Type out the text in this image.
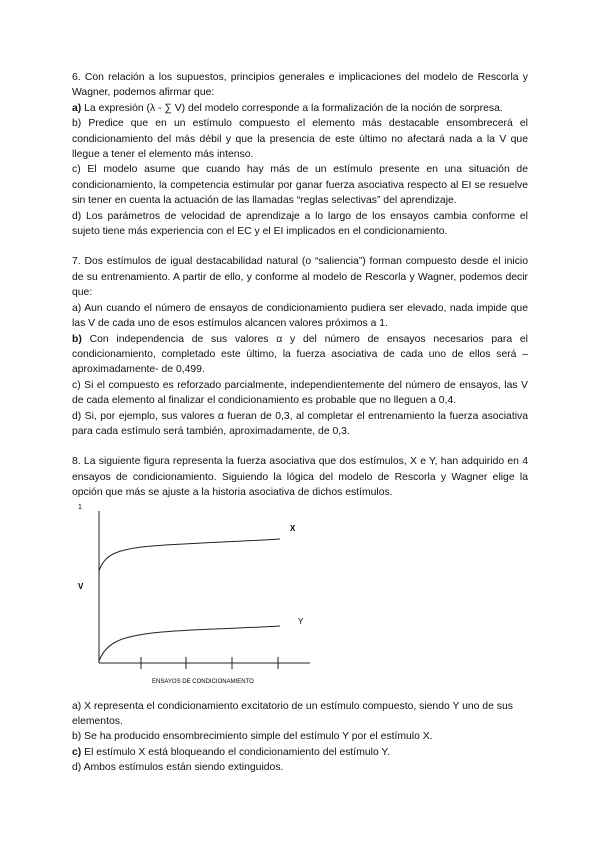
6. Con relación a los supuestos, principios generales e implicaciones del modelo de Rescorla y Wagner, podemos afirmar que:

a) La expresión (λ - ∑ V) del modelo corresponde a la formalización de la noción de sorpresa.

b) Predice que en un estímulo compuesto el elemento más destacable ensombrecerá el condicionamiento del más débil y que la presencia de este último no afectará nada a la V que llegue a tener el elemento más intenso.

c) El modelo asume que cuando hay más de un estímulo presente en una situación de condicionamiento, la competencia estimular por ganar fuerza asociativa respecto al EI se resuelve sin tener en cuenta la actuación de las llamadas “reglas selectivas” del aprendizaje.

d) Los parámetros de velocidad de aprendizaje a lo largo de los ensayos cambia conforme el sujeto tiene más experiencia con el EC y el EI implicados en el condicionamiento.

7. Dos estímulos de igual destacabilidad natural (o “saliencia”) forman compuesto desde el inicio de su entrenamiento. A partir de ello, y conforme al modelo de Rescorla y Wagner, podemos decir que:

a) Aun cuando el número de ensayos de condicionamiento pudiera ser elevado, nada impide que las V de cada uno de esos estímulos alcancen valores próximos a 1.

b) Con independencia de sus valores α y del número de ensayos necesarios para el condicionamiento, completado este último, la fuerza asociativa de cada uno de ellos será –aproximadamente- de 0,499.

c) Si el compuesto es reforzado parcialmente, independientemente del número de ensayos, las V de cada elemento al finalizar el condicionamiento es probable que no lleguen a 0,4.

d) Si, por ejemplo, sus valores α fueran de 0,3, al completar el entrenamiento la fuerza asociativa para cada estímulo será también, aproximadamente, de 0,3.

8. La siguiente figura representa la fuerza asociativa que dos estímulos, X e Y, han adquirido en 4 ensayos de condicionamiento. Siguiendo la lógica del modelo de Rescorla y Wagner elige la opción que más se ajuste a la historia asociativa de dichos estímulos.

1
V
X
Y
ENSAYOS DE CONDICIONAMIENTO

a) X representa el condicionamiento excitatorio de un estímulo compuesto, siendo Y uno de sus elementos.

b) Se ha producido ensombrecimiento simple del estímulo Y por el estímulo X.

c) El estímulo X está bloqueando el condicionamiento del estímulo Y.

d) Ambos estímulos están siendo extinguidos.
